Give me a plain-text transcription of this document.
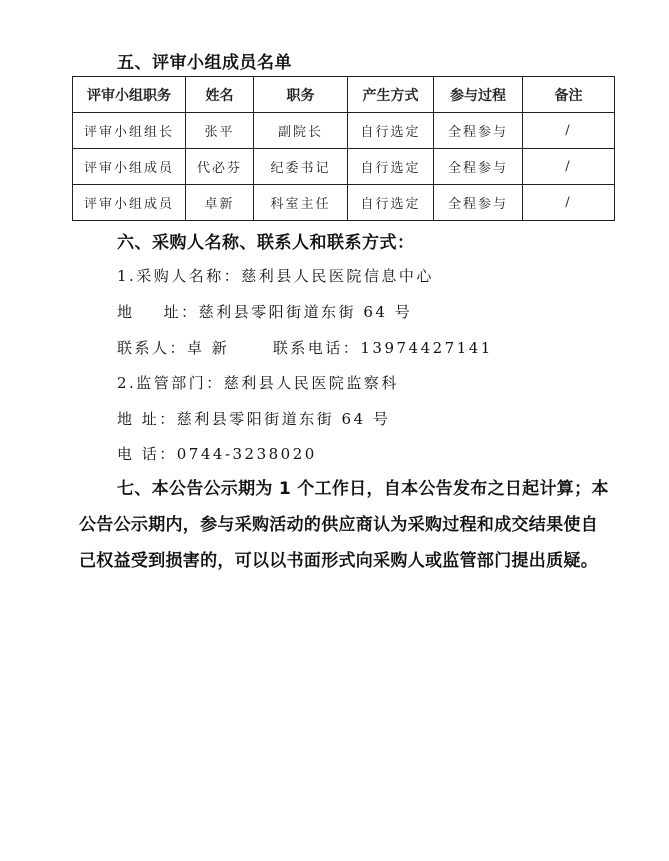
五、评审小组成员名单
评审小组职务	姓名	职务	产生方式	参与过程	备注
评审小组组长	张平	副院长	自行选定	全程参与	/
评审小组成员	代必芬	纪委书记	自行选定	全程参与	/
评审小组成员	卓新	科室主任	自行选定	全程参与	/
六、采购人名称、联系人和联系方式：
1.采购人名称：慈利县人民医院信息中心
地    址：慈利县零阳街道东街 64 号
联系人：卓 新      联系电话：13974427141
2.监管部门：慈利县人民医院监察科
地 址：慈利县零阳街道东街 64 号
电 话：0744-3238020
七、本公告公示期为 1 个工作日，自本公告发布之日起计算；本公告公示期内，参与采购活动的供应商认为采购过程和成交结果使自己权益受到损害的，可以以书面形式向采购人或监管部门提出质疑。
